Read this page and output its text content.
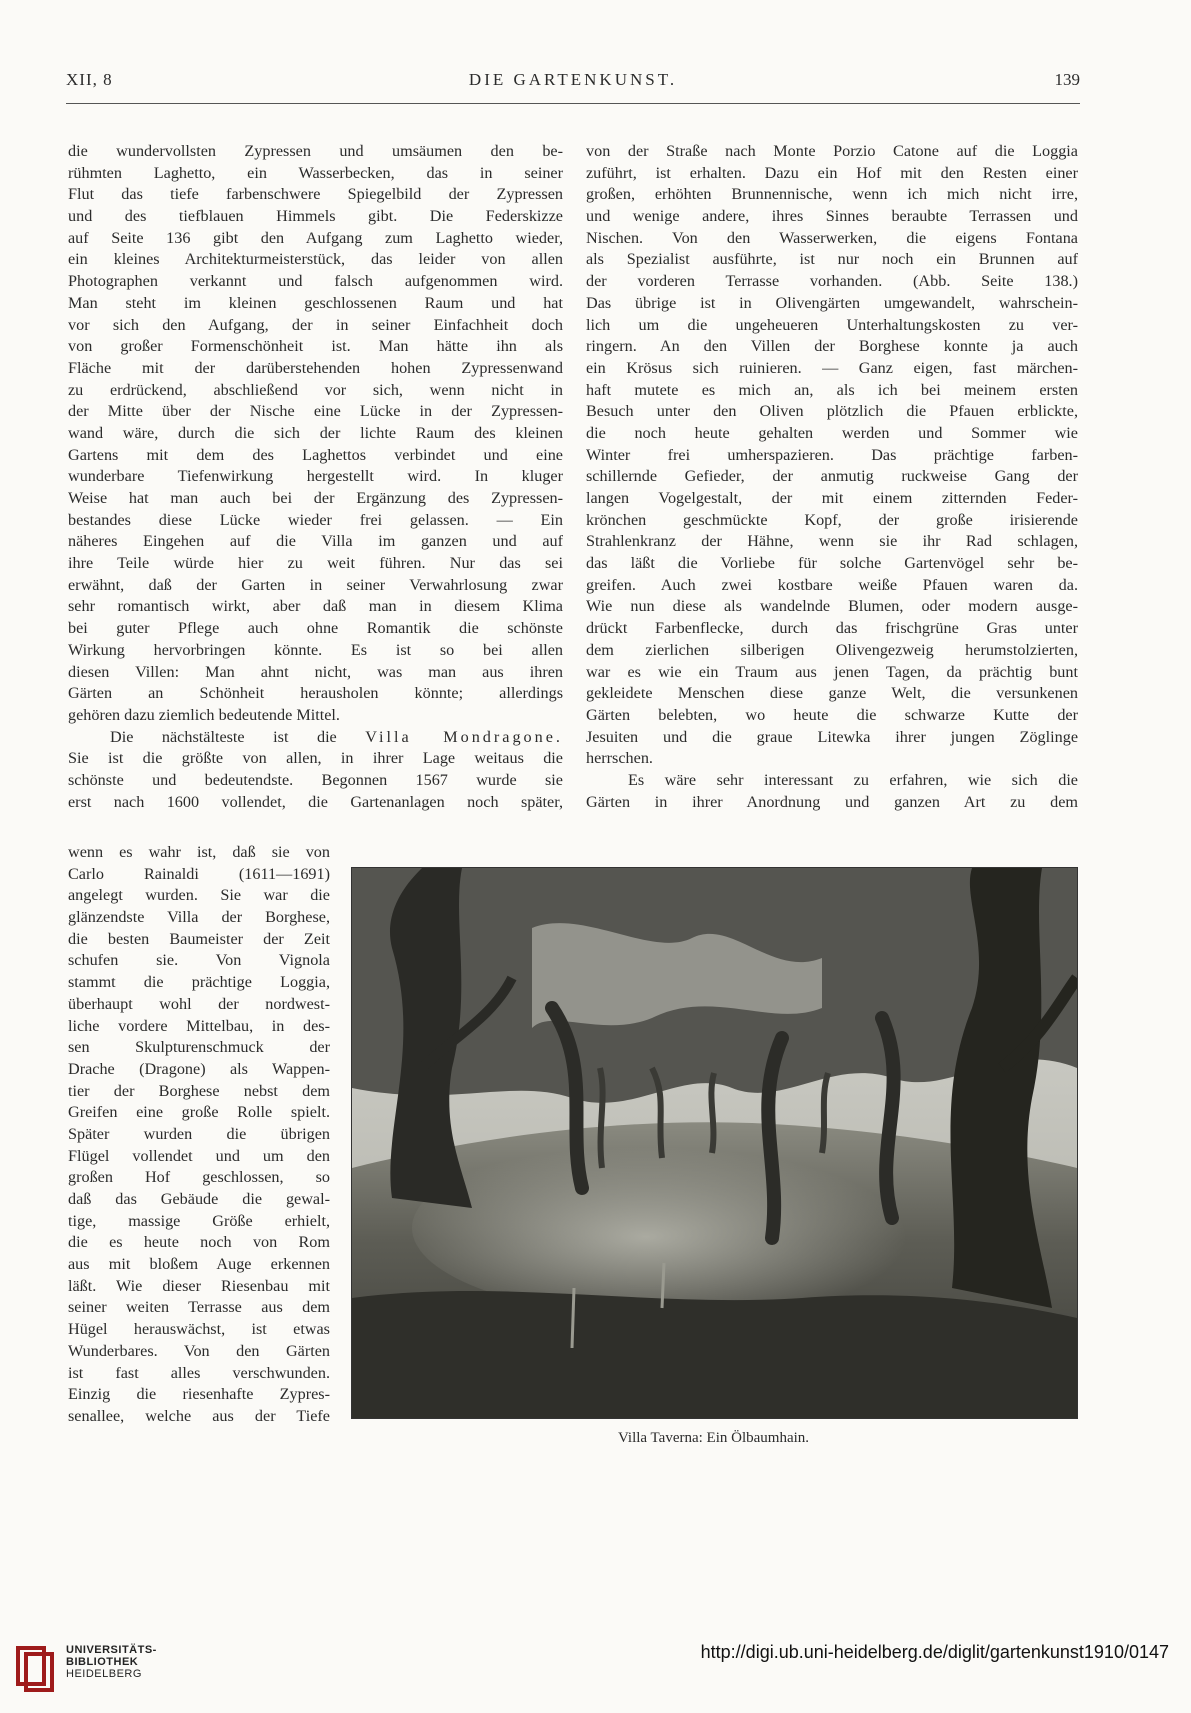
XII, 8	DIE GARTENKUNST.	139
die wundervollsten Zypressen und umsäumen den be-
rühmten Laghetto, ein Wasserbecken, das in seiner
Flut das tiefe farbenschwere Spiegelbild der Zypressen
und des tiefblauen Himmels gibt. Die Federskizze
auf Seite 136 gibt den Aufgang zum Laghetto wieder,
ein kleines Architekturmeisterstück, das leider von allen
Photographen verkannt und falsch aufgenommen wird.
Man steht im kleinen geschlossenen Raum und hat
vor sich den Aufgang, der in seiner Einfachheit doch
von großer Formenschönheit ist. Man hätte ihn als
Fläche mit der darüberstehenden hohen Zypressenwand
zu erdrückend, abschließend vor sich, wenn nicht in
der Mitte über der Nische eine Lücke in der Zypressen-
wand wäre, durch die sich der lichte Raum des kleinen
Gartens mit dem des Laghettos verbindet und eine
wunderbare Tiefenwirkung hergestellt wird. In kluger
Weise hat man auch bei der Ergänzung des Zypressen-
bestandes diese Lücke wieder frei gelassen. — Ein
näheres Eingehen auf die Villa im ganzen und auf
ihre Teile würde hier zu weit führen. Nur das sei
erwähnt, daß der Garten in seiner Verwahrlosung zwar
sehr romantisch wirkt, aber daß man in diesem Klima
bei guter Pflege auch ohne Romantik die schönste
Wirkung hervorbringen könnte. Es ist so bei allen
diesen Villen: Man ahnt nicht, was man aus ihren
Gärten an Schönheit herausholen könnte; allerdings
gehören dazu ziemlich bedeutende Mittel.
Die nächstälteste ist die Villa Mondragone.
Sie ist die größte von allen, in ihrer Lage weitaus die
schönste und bedeutendste. Begonnen 1567 wurde sie
erst nach 1600 vollendet, die Gartenanlagen noch später,
wenn es wahr ist, daß sie von
Carlo Rainaldi (1611—1691)
angelegt wurden. Sie war die
glänzendste Villa der Borghese,
die besten Baumeister der Zeit
schufen sie. Von Vignola
stammt die prächtige Loggia,
überhaupt wohl der nordwest-
liche vordere Mittelbau, in des-
sen Skulpturenschmuck der
Drache (Dragone) als Wappen-
tier der Borghese nebst dem
Greifen eine große Rolle spielt.
Später wurden die übrigen
Flügel vollendet und um den
großen Hof geschlossen, so
daß das Gebäude die gewal-
tige, massige Größe erhielt,
die es heute noch von Rom
aus mit bloßem Auge erkennen
läßt. Wie dieser Riesenbau mit
seiner weiten Terrasse aus dem
Hügel herauswächst, ist etwas
Wunderbares. Von den Gärten
ist fast alles verschwunden.
Einzig die riesenhafte Zypres-
senallee, welche aus der Tiefe
von der Straße nach Monte Porzio Catone auf die Loggia
zuführt, ist erhalten. Dazu ein Hof mit den Resten einer
großen, erhöhten Brunnennische, wenn ich mich nicht irre,
und wenige andere, ihres Sinnes beraubte Terrassen und
Nischen. Von den Wasserwerken, die eigens Fontana
als Spezialist ausführte, ist nur noch ein Brunnen auf
der vorderen Terrasse vorhanden. (Abb. Seite 138.)
Das übrige ist in Olivengärten umgewandelt, wahrschein-
lich um die ungeheueren Unterhaltungskosten zu ver-
ringern. An den Villen der Borghese konnte ja auch
ein Krösus sich ruinieren. — Ganz eigen, fast märchen-
haft mutete es mich an, als ich bei meinem ersten
Besuch unter den Oliven plötzlich die Pfauen erblickte,
die noch heute gehalten werden und Sommer wie
Winter frei umherspazieren. Das prächtige farben-
schillernde Gefieder, der anmutig ruckweise Gang der
langen Vogelgestalt, der mit einem zitternden Feder-
krönchen geschmückte Kopf, der große irisierende
Strahlenkranz der Hähne, wenn sie ihr Rad schlagen,
das läßt die Vorliebe für solche Gartenvögel sehr be-
greifen. Auch zwei kostbare weiße Pfauen waren da.
Wie nun diese als wandelnde Blumen, oder modern ausge-
drückt Farbenflecke, durch das frischgrüne Gras unter
dem zierlichen silberigen Olivengezweig herumstolzierten,
war es wie ein Traum aus jenen Tagen, da prächtig bunt
gekleidete Menschen diese ganze Welt, die versunkenen
Gärten belebten, wo heute die schwarze Kutte der
Jesuiten und die graue Litewka ihrer jungen Zöglinge
herrschen.
Es wäre sehr interessant zu erfahren, wie sich die
Gärten in ihrer Anordnung und ganzen Art zu dem
Villa Taverna: Ein Ölbaumhain.
UNIVERSITÄTS-
BIBLIOTHEK
HEIDELBERG
http://digi.ub.uni-heidelberg.de/diglit/gartenkunst1910/0147
